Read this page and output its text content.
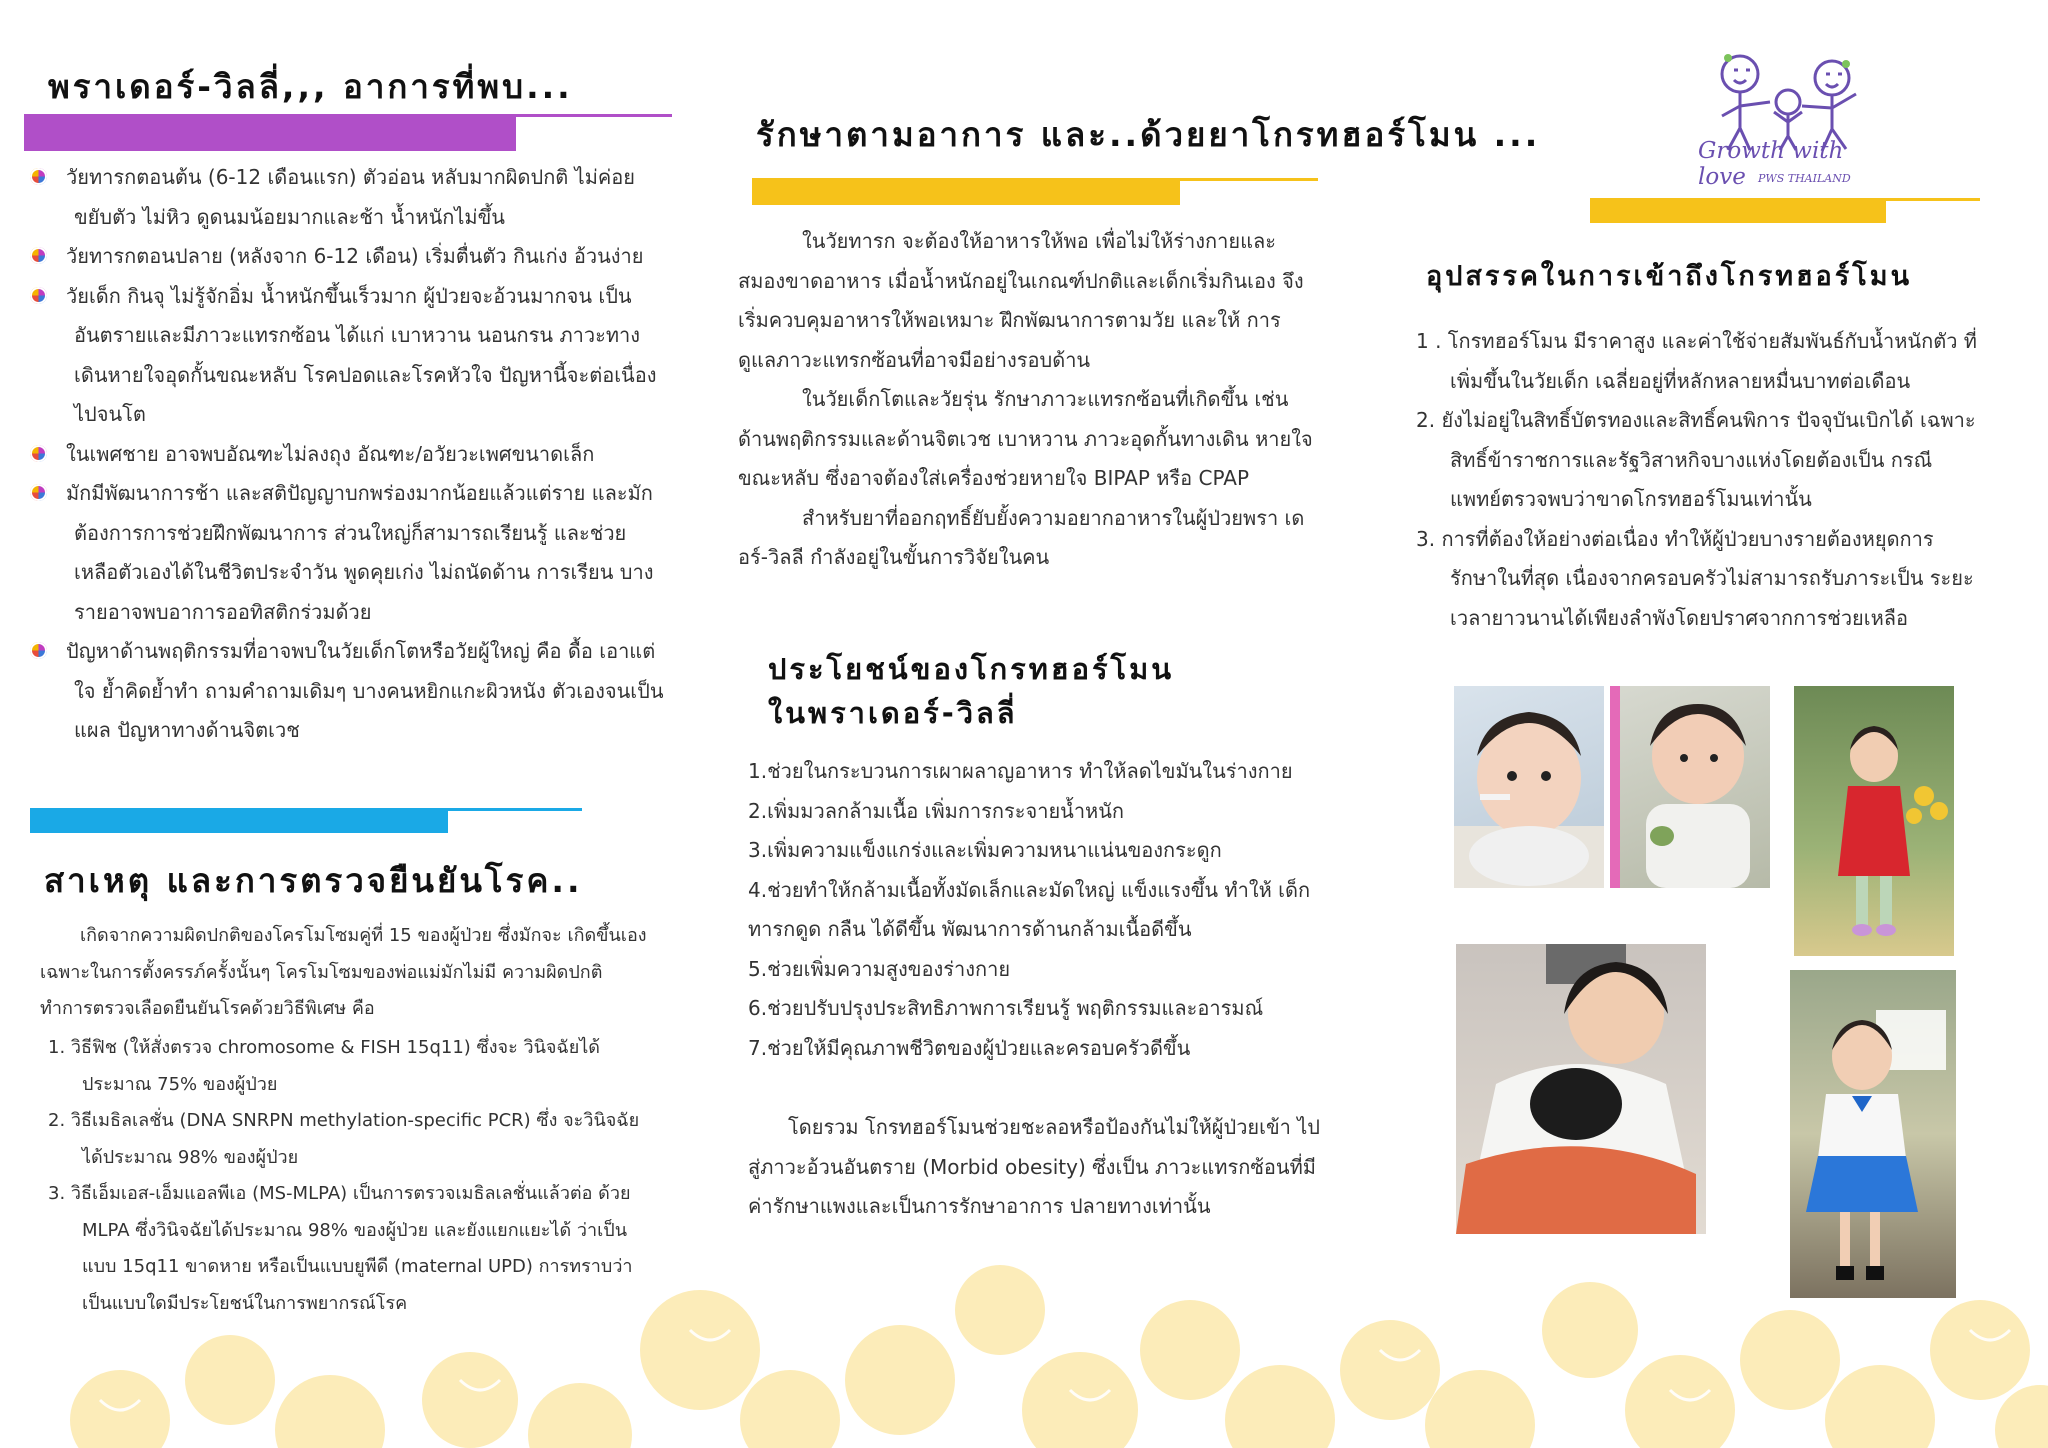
พราเดอร์-วิลลี่,,, อาการที่พบ...
วัยทารกตอนต้น (6-12 เดือนแรก) ตัวอ่อน หลับมากผิดปกติ ไม่ค่อยขยับตัว ไม่หิว ดูดนมน้อยมากและช้า น้ำหนักไม่ขึ้น
วัยทารกตอนปลาย (หลังจาก 6-12 เดือน) เริ่มตื่นตัว กินเก่ง อ้วนง่าย
วัยเด็ก กินจุ ไม่รู้จักอิ่ม น้ำหนักขึ้นเร็วมาก ผู้ป่วยจะอ้วนมากจน เป็นอันตรายและมีภาวะแทรกซ้อน ได้แก่ เบาหวาน นอนกรน ภาวะทางเดินหายใจอุดกั้นขณะหลับ โรคปอดและโรคหัวใจ ปัญหานี้จะต่อเนื่องไปจนโต
ในเพศชาย อาจพบอัณฑะไม่ลงถุง อัณฑะ/อวัยวะเพศขนาดเล็ก
มักมีพัฒนาการช้า และสติปัญญาบกพร่องมากน้อยแล้วแต่ราย และมักต้องการการช่วยฝึกพัฒนาการ ส่วนใหญ่ก็สามารถเรียนรู้ และช่วยเหลือตัวเองได้ในชีวิตประจำวัน พูดคุยเก่ง ไม่ถนัดด้าน การเรียน บางรายอาจพบอาการออทิสติกร่วมด้วย
ปัญหาด้านพฤติกรรมที่อาจพบในวัยเด็กโตหรือวัยผู้ใหญ่ คือ ดื้อ เอาแต่ใจ ย้ำคิดย้ำทำ ถามคำถามเดิมๆ บางคนหยิกแกะผิวหนัง ตัวเองจนเป็นแผล ปัญหาทางด้านจิตเวช
สาเหตุ และการตรวจยืนยันโรค..
เกิดจากความผิดปกติของโครโมโซมคู่ที่ 15 ของผู้ป่วย ซึ่งมักจะ เกิดขึ้นเองเฉพาะในการตั้งครรภ์ครั้งนั้นๆ โครโมโซมของพ่อแม่มักไม่มี ความผิดปกติ ทำการตรวจเลือดยืนยันโรคด้วยวิธีพิเศษ คือ
1. วิธีฟิช (ให้สั่งตรวจ chromosome & FISH 15q11) ซึ่งจะ วินิจฉัยได้ประมาณ 75% ของผู้ป่วย
2. วิธีเมธิลเลชั่น (DNA SNRPN methylation-specific PCR) ซึ่ง จะวินิจฉัยได้ประมาณ 98% ของผู้ป่วย
3. วิธีเอ็มเอส-เอ็มแอลพีเอ (MS-MLPA) เป็นการตรวจเมธิลเลชั่นแล้วต่อ ด้วย MLPA ซึ่งวินิจฉัยได้ประมาณ 98% ของผู้ป่วย และยังแยกแยะได้ ว่าเป็นแบบ 15q11 ขาดหาย หรือเป็นแบบยูพีดี (maternal UPD) การทราบว่าเป็นแบบใดมีประโยชน์ในการพยากรณ์โรค
รักษาตามอาการ และ..ด้วยยาโกรทฮอร์โมน ...
ในวัยทารก จะต้องให้อาหารให้พอ เพื่อไม่ให้ร่างกายและ สมองขาดอาหาร เมื่อน้ำหนักอยู่ในเกณฑ์ปกติและเด็กเริ่มกินเอง จึงเริ่มควบคุมอาหารให้พอเหมาะ ฝึกพัฒนาการตามวัย และให้ การดูแลภาวะแทรกซ้อนที่อาจมีอย่างรอบด้าน
ในวัยเด็กโตและวัยรุ่น รักษาภาวะแทรกซ้อนที่เกิดขึ้น เช่น ด้านพฤติกรรมและด้านจิตเวช เบาหวาน ภาวะอุดกั้นทางเดิน หายใจขณะหลับ ซึ่งอาจต้องใส่เครื่องช่วยหายใจ BIPAP หรือ CPAP
สำหรับยาที่ออกฤทธิ์ยับยั้งความอยากอาหารในผู้ป่วยพรา เดอร์-วิลลี กำลังอยู่ในขั้นการวิจัยในคน
ประโยชน์ของโกรทฮอร์โมน
ในพราเดอร์-วิลลี่
1.ช่วยในกระบวนการเผาผลาญอาหาร ทำให้ลดไขมันในร่างกาย
2.เพิ่มมวลกล้ามเนื้อ เพิ่มการกระจายน้ำหนัก
3.เพิ่มความแข็งแกร่งและเพิ่มความหนาแน่นของกระดูก
4.ช่วยทำให้กล้ามเนื้อทั้งมัดเล็กและมัดใหญ่ แข็งแรงขึ้น ทำให้ เด็กทารกดูด กลืน ได้ดีขึ้น พัฒนาการด้านกล้ามเนื้อดีขึ้น
5.ช่วยเพิ่มความสูงของร่างกาย
6.ช่วยปรับปรุงประสิทธิภาพการเรียนรู้ พฤติกรรมและอารมณ์
7.ช่วยให้มีคุณภาพชีวิตของผู้ป่วยและครอบครัวดีขึ้น
โดยรวม โกรทฮอร์โมนช่วยชะลอหรือป้องกันไม่ให้ผู้ป่วยเข้า ไปสู่ภาวะอ้วนอันตราย (Morbid obesity) ซึ่งเป็น ภาวะแทรกซ้อนที่มีค่ารักษาแพงและเป็นการรักษาอาการ ปลายทางเท่านั้น
Growth with love	PWS THAILAND
อุปสรรคในการเข้าถึงโกรทฮอร์โมน
1 . โกรทฮอร์โมน มีราคาสูง และค่าใช้จ่ายสัมพันธ์กับน้ำหนักตัว ที่เพิ่มขึ้นในวัยเด็ก เฉลี่ยอยู่ที่หลักหลายหมื่นบาทต่อเดือน
2. ยังไม่อยู่ในสิทธิ์บัตรทองและสิทธิ์คนพิการ ปัจจุบันเบิกได้ เฉพาะสิทธิ์ข้าราชการและรัฐวิสาหกิจบางแห่งโดยต้องเป็น กรณีแพทย์ตรวจพบว่าขาดโกรทฮอร์โมนเท่านั้น
3. การที่ต้องให้อย่างต่อเนื่อง ทำให้ผู้ป่วยบางรายต้องหยุดการ รักษาในที่สุด เนื่องจากครอบครัวไม่สามารถรับภาระเป็น ระยะเวลายาวนานได้เพียงลำพังโดยปราศจากการช่วยเหลือ
